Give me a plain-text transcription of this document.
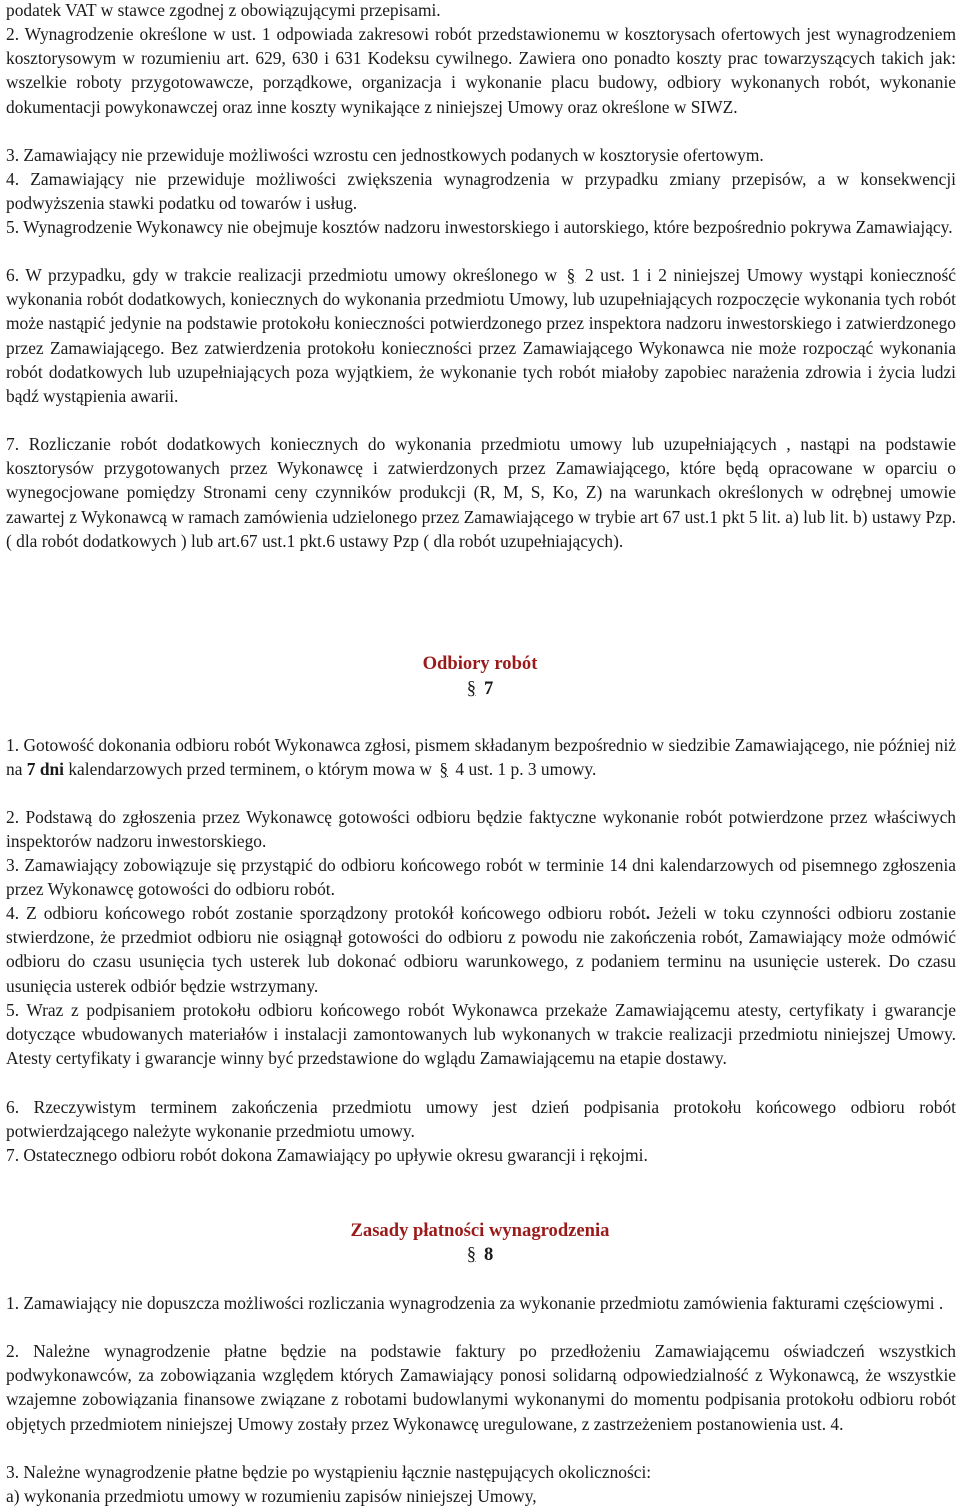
podatek VAT w stawce zgodnej z obowiązującymi przepisami.

2. Wynagrodzenie określone w ust. 1 odpowiada zakresowi robót przedstawionemu w kosztorysach ofertowych jest wynagrodzeniem kosztorysowym w rozumieniu art. 629, 630 i 631 Kodeksu cywilnego. Zawiera ono ponadto koszty prac towarzyszących takich jak: wszelkie roboty przygotowawcze, porządkowe, organizacja i wykonanie placu budowy, odbiory wykonanych robót, wykonanie dokumentacji powykonawczej oraz inne koszty wynikające z niniejszej Umowy oraz określone w SIWZ.

3. Zamawiający nie przewiduje możliwości wzrostu cen jednostkowych podanych w kosztorysie ofertowym.

4. Zamawiający nie przewiduje możliwości zwiększenia wynagrodzenia w przypadku zmiany przepisów, a w konsekwencji podwyższenia stawki podatku od towarów i usług.

5. Wynagrodzenie Wykonawcy nie obejmuje kosztów nadzoru inwestorskiego i autorskiego, które bezpośrednio pokrywa Zamawiający.

6. W przypadku, gdy w trakcie realizacji przedmiotu umowy określonego w § 2 ust. 1 i 2 niniejszej Umowy wystąpi konieczność wykonania robót dodatkowych, koniecznych do wykonania przedmiotu Umowy, lub uzupełniających rozpoczęcie wykonania tych robót może nastąpić jedynie na podstawie protokołu konieczności potwierdzonego przez inspektora nadzoru inwestorskiego i zatwierdzonego przez Zamawiającego. Bez zatwierdzenia protokołu konieczności przez Zamawiającego Wykonawca nie może rozpocząć wykonania robót dodatkowych lub uzupełniających poza wyjątkiem, że wykonanie tych robót miałoby zapobiec narażenia zdrowia i życia ludzi bądź wystąpienia awarii.

7. Rozliczanie robót dodatkowych koniecznych do wykonania przedmiotu umowy lub uzupełniających , nastąpi na podstawie kosztorysów przygotowanych przez Wykonawcę i zatwierdzonych przez Zamawiającego, które będą opracowane w oparciu o wynegocjowane pomiędzy Stronami ceny czynników produkcji (R, M, S, Ko, Z) na warunkach określonych w odrębnej umowie zawartej z Wykonawcą w ramach zamówienia udzielonego przez Zamawiającego w trybie art 67 ust.1 pkt 5 lit. a) lub lit. b) ustawy Pzp.( dla robót dodatkowych ) lub art.67 ust.1 pkt.6 ustawy Pzp ( dla robót uzupełniających).

Odbiory robót
§ 7

1. Gotowość dokonania odbioru robót Wykonawca zgłosi, pismem składanym bezpośrednio w siedzibie Zamawiającego, nie później niż na 7 dni kalendarzowych przed terminem, o którym mowa w § 4 ust. 1 p. 3 umowy.

2. Podstawą do zgłoszenia przez Wykonawcę gotowości odbioru będzie faktyczne wykonanie robót potwierdzone przez właściwych inspektorów nadzoru inwestorskiego.

3. Zamawiający zobowiązuje się przystąpić do odbioru końcowego robót w terminie 14 dni kalendarzowych od pisemnego zgłoszenia przez Wykonawcę gotowości do odbioru robót.

4. Z odbioru końcowego robót zostanie sporządzony protokół końcowego odbioru robót. Jeżeli w toku czynności odbioru zostanie stwierdzone, że przedmiot odbioru nie osiągnął gotowości do odbioru z powodu nie zakończenia robót, Zamawiający może odmówić odbioru do czasu usunięcia tych usterek lub dokonać odbioru warunkowego, z podaniem terminu na usunięcie usterek. Do czasu usunięcia usterek odbiór będzie wstrzymany.

5. Wraz z podpisaniem protokołu odbioru końcowego robót Wykonawca przekaże Zamawiającemu atesty, certyfikaty i gwarancje dotyczące wbudowanych materiałów i instalacji zamontowanych lub wykonanych w trakcie realizacji przedmiotu niniejszej Umowy. Atesty certyfikaty i gwarancje winny być przedstawione do wglądu Zamawiającemu na etapie dostawy.

6. Rzeczywistym terminem zakończenia przedmiotu umowy jest dzień podpisania protokołu końcowego odbioru robót potwierdzającego należyte wykonanie przedmiotu umowy.

7. Ostatecznego odbioru robót dokona Zamawiający po upływie okresu gwarancji i rękojmi.

Zasady płatności wynagrodzenia
§ 8

1. Zamawiający nie dopuszcza możliwości rozliczania wynagrodzenia za wykonanie przedmiotu zamówienia fakturami częściowymi .

2. Należne wynagrodzenie płatne będzie na podstawie faktury po przedłożeniu Zamawiającemu oświadczeń wszystkich podwykonawców, za zobowiązania względem których Zamawiający ponosi solidarną odpowiedzialność z Wykonawcą, że wszystkie wzajemne zobowiązania finansowe związane z robotami budowlanymi wykonanymi do momentu podpisania protokołu odbioru robót objętych przedmiotem niniejszej Umowy zostały przez Wykonawcę uregulowane, z zastrzeżeniem postanowienia ust. 4.

3. Należne wynagrodzenie płatne będzie po wystąpieniu łącznie następujących okoliczności:

a) wykonania przedmiotu umowy w rozumieniu zapisów niniejszej Umowy,
